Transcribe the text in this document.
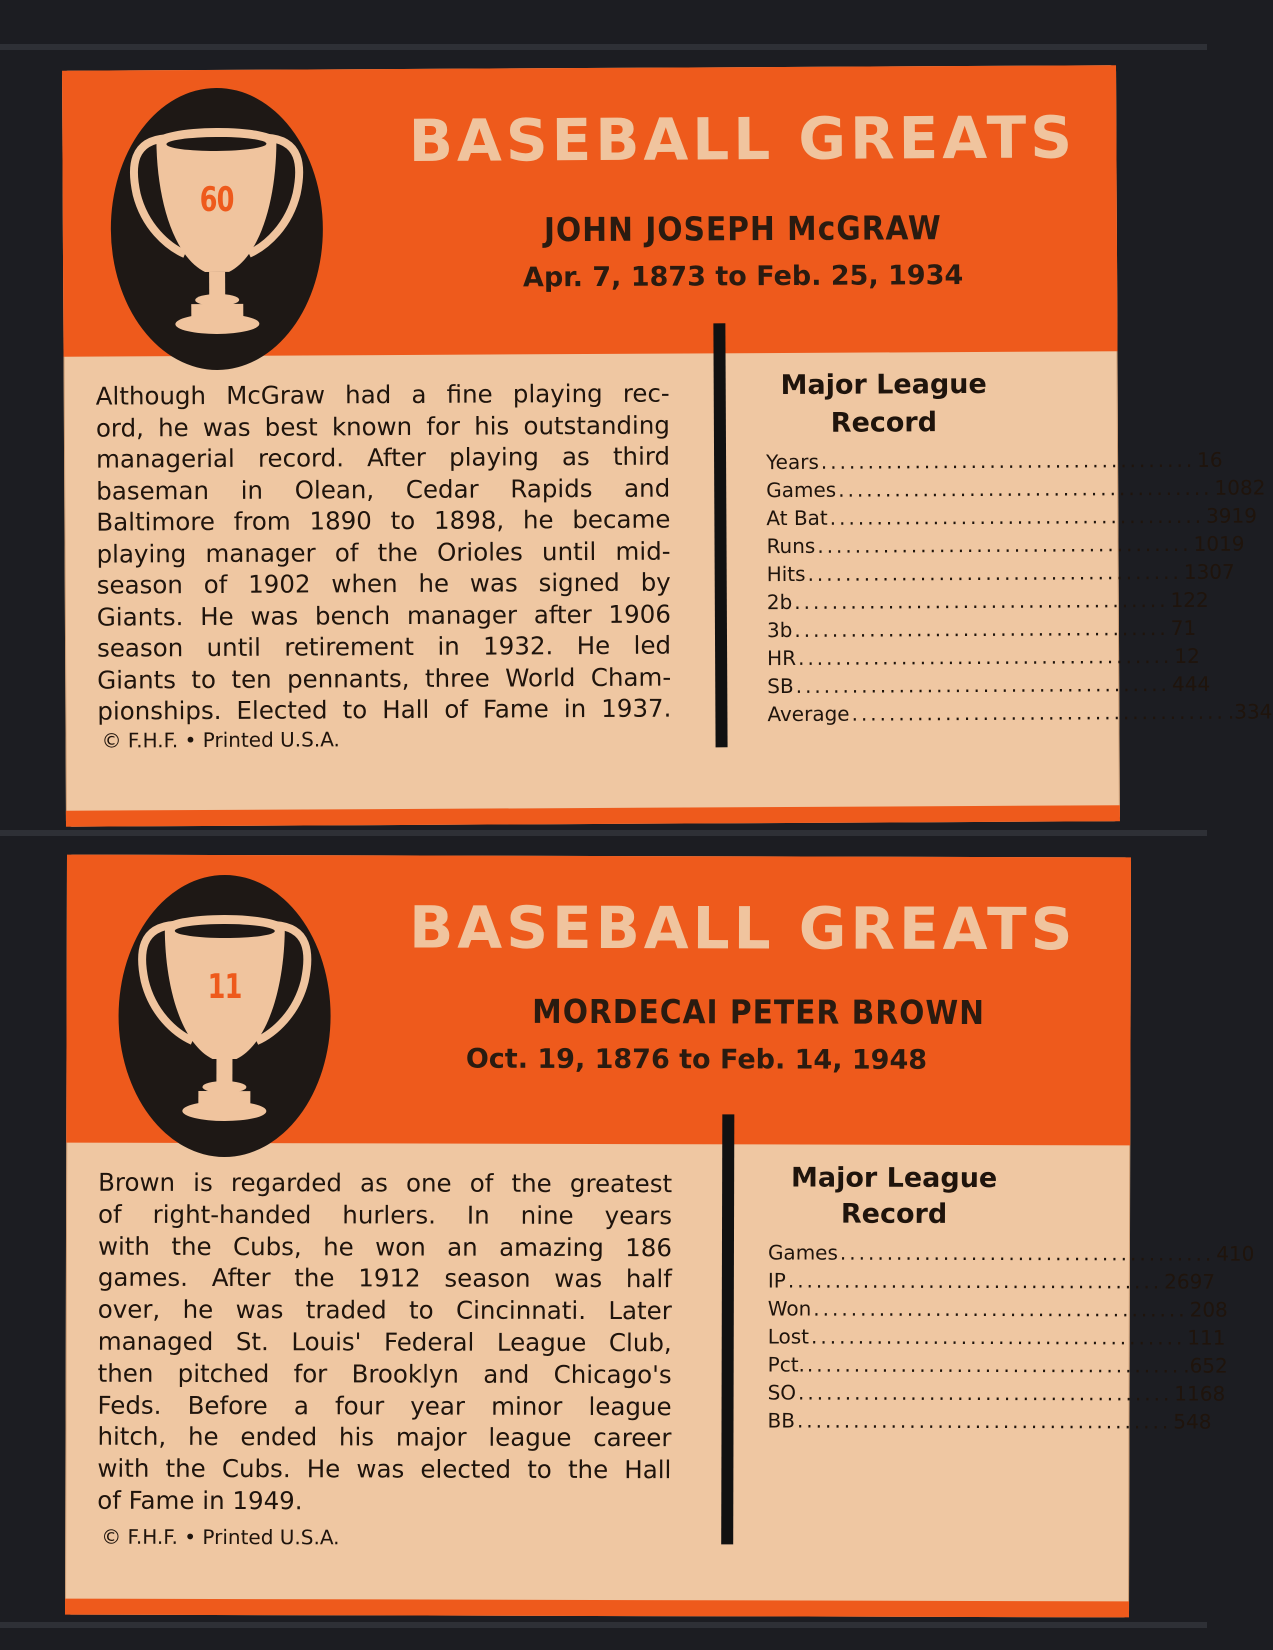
60
BASEBALL GREATS
JOHN JOSEPH McGRAW
Apr. 7, 1873 to Feb. 25, 1934
Although McGraw had a fine playing rec-
ord, he was best known for his outstanding
managerial record. After playing as third
baseman in Olean, Cedar Rapids and
Baltimore from 1890 to 1898, he became
playing manager of the Orioles until mid-
season of 1902 when he was signed by
Giants. He was bench manager after 1906
season until retirement in 1932. He led
Giants to ten pennants, three World Cham-
pionships. Elected to Hall of Fame in 1937.
© F.H.F. • Printed U.S.A.
Major League
Record
Years ........................................ 16
Games ........................................ 1082
At Bat ........................................ 3919
Runs ........................................ 1019
Hits ........................................ 1307
2b ........................................ 122
3b ........................................ 71
HR ........................................ 12
SB ........................................ 444
Average ........................................ .334
11
BASEBALL GREATS
MORDECAI PETER BROWN
Oct. 19, 1876 to Feb. 14, 1948
Brown is regarded as one of the greatest
of right-handed hurlers. In nine years
with the Cubs, he won an amazing 186
games. After the 1912 season was half
over, he was traded to Cincinnati. Later
managed St. Louis' Federal League Club,
then pitched for Brooklyn and Chicago's
Feds. Before a four year minor league
hitch, he ended his major league career
with the Cubs. He was elected to the Hall
of Fame in 1949.
© F.H.F. • Printed U.S.A.
Major League
Record
Games ........................................ 410
IP ........................................ 2697
Won ........................................ 208
Lost ........................................ 111
Pct. ........................................ .652
SO ........................................ 1168
BB ........................................ 548
